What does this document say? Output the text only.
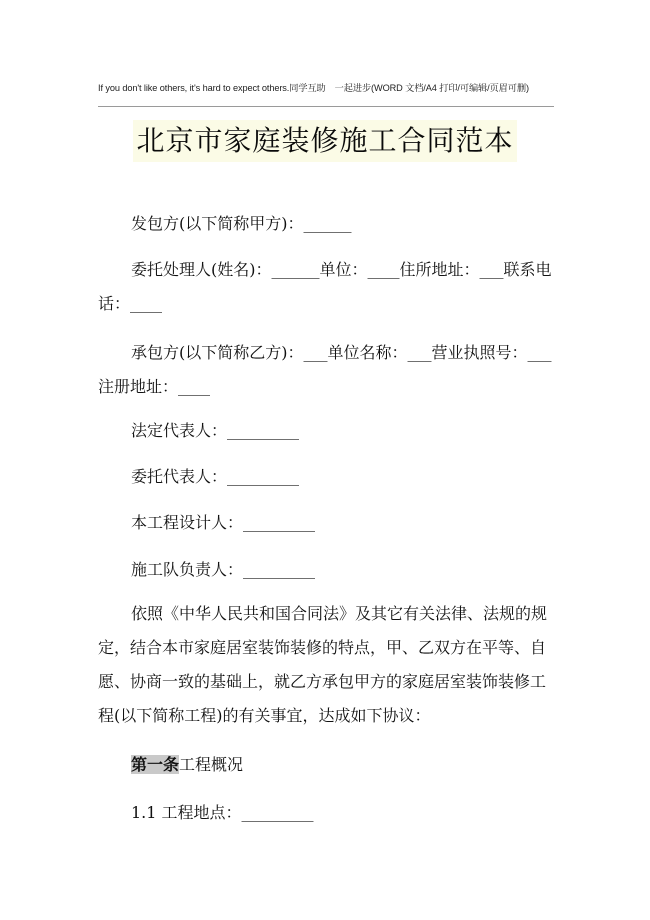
If you don't like others, it's hard to expect others.同学互助　一起进步(WORD 文档/A4 打印/可编辑/页眉可删)
北京市家庭装修施工合同范本
发包方(以下简称甲方)：______
委托处理人(姓名)：______单位：____住所地址：___联系电话：____
承包方(以下简称乙方)：___单位名称：___营业执照号：___注册地址：____
法定代表人：_________
委托代表人：_________
本工程设计人：_________
施工队负责人：_________
依照《中华人民共和国合同法》及其它有关法律、法规的规定，结合本市家庭居室装饰装修的特点，甲、乙双方在平等、自愿、协商一致的基础上，就乙方承包甲方的家庭居室装饰装修工程(以下简称工程)的有关事宜，达成如下协议：
第一条工程概况
1.1 工程地点：_________
